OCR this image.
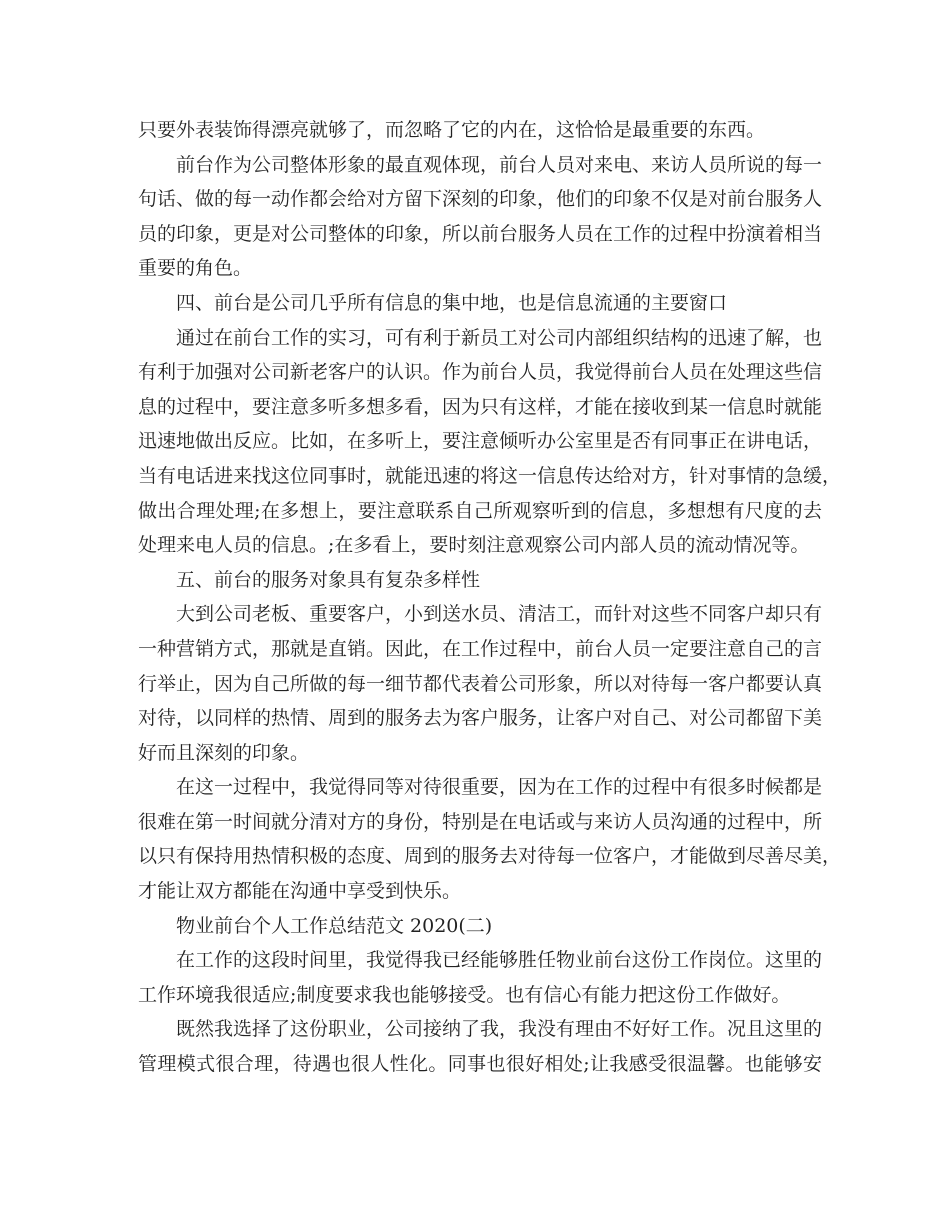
只要外表装饰得漂亮就够了，而忽略了它的内在，这恰恰是最重要的东西。
前台作为公司整体形象的最直观体现，前台人员对来电、来访人员所说的每一
句话、做的每一动作都会给对方留下深刻的印象，他们的印象不仅是对前台服务人
员的印象，更是对公司整体的印象，所以前台服务人员在工作的过程中扮演着相当
重要的角色。
四、前台是公司几乎所有信息的集中地，也是信息流通的主要窗口
通过在前台工作的实习，可有利于新员工对公司内部组织结构的迅速了解，也
有利于加强对公司新老客户的认识。作为前台人员，我觉得前台人员在处理这些信
息的过程中，要注意多听多想多看，因为只有这样，才能在接收到某一信息时就能
迅速地做出反应。比如，在多听上，要注意倾听办公室里是否有同事正在讲电话，
当有电话进来找这位同事时，就能迅速的将这一信息传达给对方，针对事情的急缓，
做出合理处理;在多想上，要注意联系自己所观察听到的信息，多想想有尺度的去
处理来电人员的信息。;在多看上，要时刻注意观察公司内部人员的流动情况等。
五、前台的服务对象具有复杂多样性
大到公司老板、重要客户，小到送水员、清洁工，而针对这些不同客户却只有
一种营销方式，那就是直销。因此，在工作过程中，前台人员一定要注意自己的言
行举止，因为自己所做的每一细节都代表着公司形象，所以对待每一客户都要认真
对待，以同样的热情、周到的服务去为客户服务，让客户对自己、对公司都留下美
好而且深刻的印象。
在这一过程中，我觉得同等对待很重要，因为在工作的过程中有很多时候都是
很难在第一时间就分清对方的身份，特别是在电话或与来访人员沟通的过程中，所
以只有保持用热情积极的态度、周到的服务去对待每一位客户，才能做到尽善尽美，
才能让双方都能在沟通中享受到快乐。
物业前台个人工作总结范文 2020(二)
在工作的这段时间里，我觉得我已经能够胜任物业前台这份工作岗位。这里的
工作环境我很适应;制度要求我也能够接受。也有信心有能力把这份工作做好。
既然我选择了这份职业，公司接纳了我，我没有理由不好好工作。况且这里的
管理模式很合理，待遇也很人性化。同事也很好相处;让我感受很温馨。也能够安
